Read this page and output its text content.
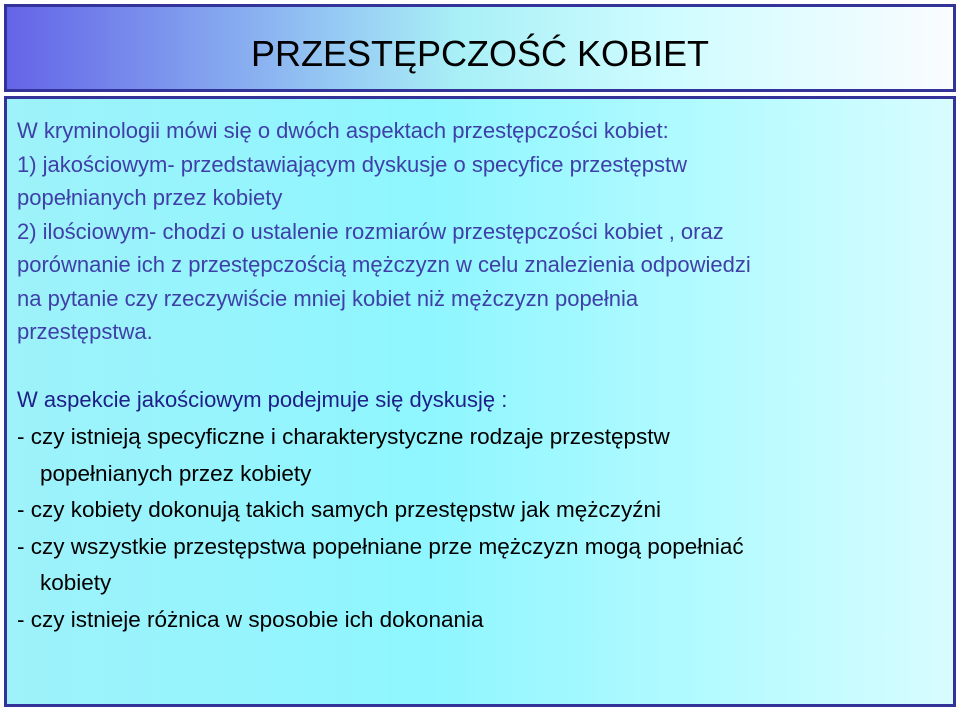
PRZESTĘPCZOŚĆ KOBIET
W kryminologii mówi się o dwóch aspektach przestępczości kobiet:
1) jakościowym- przedstawiającym dyskusje o specyfice przestępstw
popełnianych przez kobiety
2) ilościowym- chodzi o ustalenie rozmiarów przestępczości kobiet , oraz
porównanie ich z przestępczością mężczyzn w celu znalezienia odpowiedzi
na pytanie czy rzeczywiście mniej kobiet niż mężczyzn popełnia
przestępstwa.
W aspekcie jakościowym podejmuje się dyskusję :
- czy istnieją specyficzne i charakterystyczne rodzaje przestępstw
popełnianych przez kobiety
- czy kobiety dokonują takich samych przestępstw jak mężczyźni
- czy wszystkie przestępstwa popełniane prze mężczyzn mogą popełniać
kobiety
- czy istnieje różnica w sposobie ich dokonania
